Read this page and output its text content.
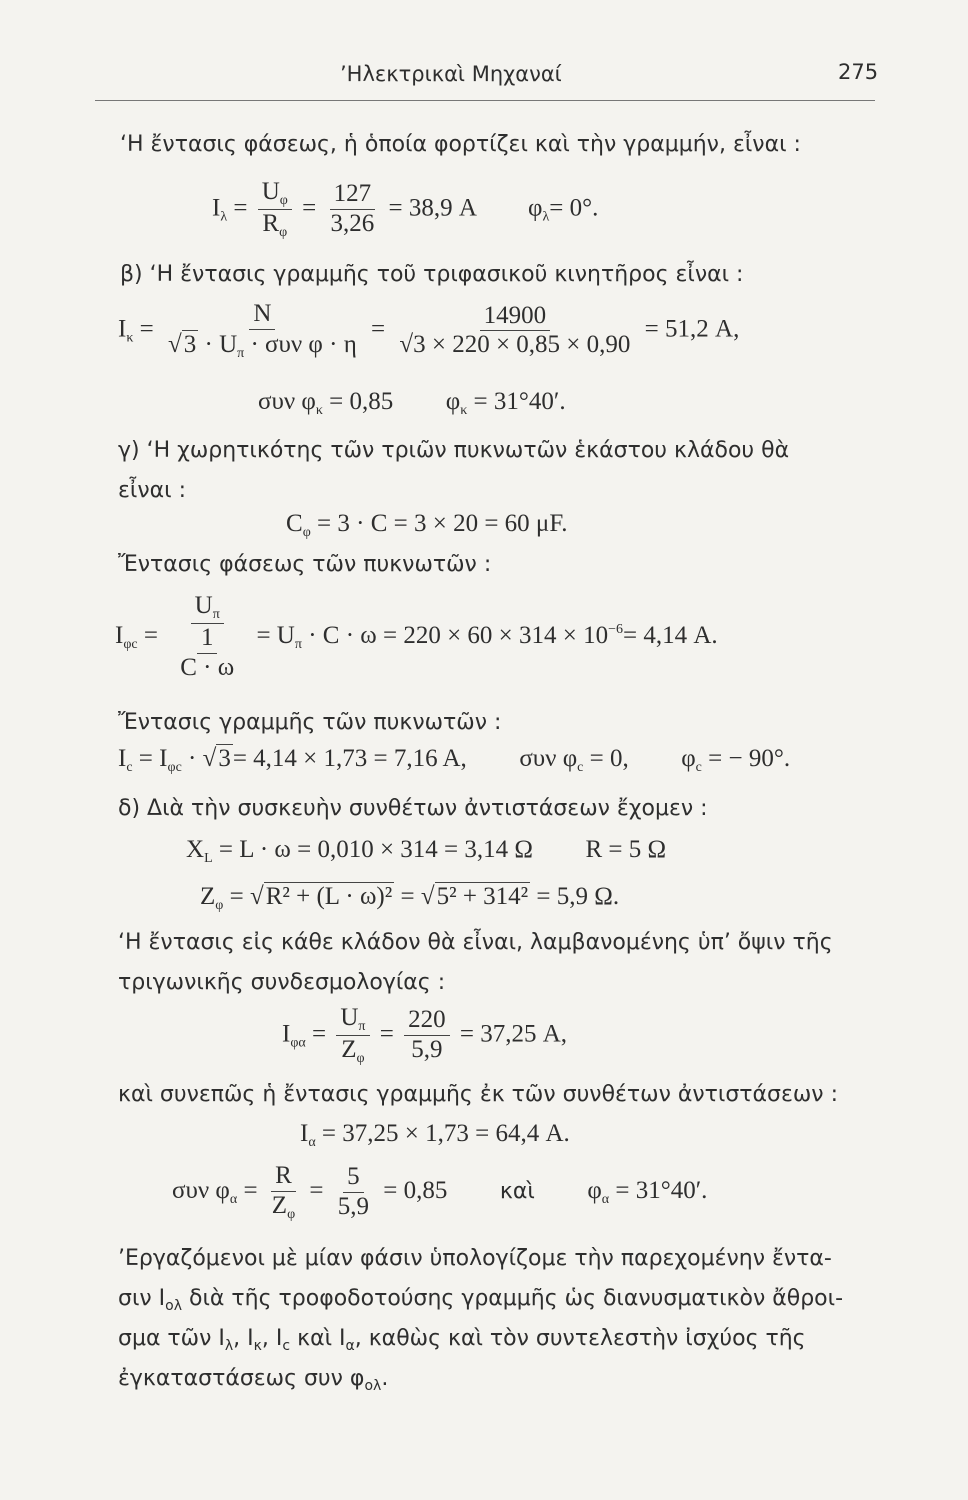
’Ηλεκτρικαὶ Μηχαναί	275
‘Η ἔντασις φάσεως, ἡ ὁποία φορτίζει καὶ τὴν γραμμήν, εἶναι :
$I_\lambda = \frac{U_\varphi}{R_\varphi} = \frac{127}{3,26} = 38,9$ A $\varphi_\lambda= 0^\circ$.
β) ‘Η ἔντασις γραμμῆς τοῦ τριφασικοῦ κινητῆρος εἶναι :
$I_\kappa = \frac{N}{√ 3 \cdot U_\pi \cdot \sigma\upsilon\nu \varphi \cdot \eta} = \frac{14900}{√3 \times 220 \times 0,85 \times 0,90} = 51,2$ A,
συν $\varphi_\kappa = 0,85$ $\varphi_\kappa = 31^\circ 40'$.
γ) ‘Η χωρητικότης τῶν τριῶν πυκνωτῶν ἑκάστου κλάδου θὰ
εἶναι :
$C_\varphi = 3 \cdot C = 3 \times 20 = 60$ μF.
Ἔντασις φάσεως τῶν πυκνωτῶν :
$I_{\varphi c} = \frac{U_\pi}{\frac{1}{C \cdot \omega}} = U_\pi \cdot C \cdot \omega = 220 \times 60 \times 314 \times 10^{-6}= 4,14$ A.
Ἔντασις γραμμῆς τῶν πυκνωτῶν :
$I_c = I_{\varphi c}$ · √ 3 = 4,14 × 1,73 = 7,16 A, συν $\varphi_c = 0$, $\varphi_c$ = − 90°.
δ) Διὰ τὴν συσκευὴν συνθέτων ἀντιστάσεων ἔχομεν :
$X_L = L \cdot \omega = 0,010 \times 314 = 3,14$ Ω R = 5 Ω
$Z_\varphi$ = √ R² + (L · ω)² = √ 5² + 314² = 5,9 Ω.
‘Η ἔντασις εἰς κάθε κλάδον θὰ εἶναι, λαμβανομένης ὑπ’ ὄψιν τῆς
τριγωνικῆς συνδεσμολογίας :
$I_{\varphi\alpha} = \frac{U_\pi}{Z_\varphi} = \frac{220}{5,9} = 37,25$ A,
καὶ συνεπῶς ἡ ἔντασις γραμμῆς ἐκ τῶν συνθέτων ἀντιστάσεων :
$I_\alpha = 37,25 \times 1,73 = 64,4$ A.
συν $\varphi_\alpha = \frac{R}{Z_\varphi} = \frac{5}{5,9} = 0,85$ καὶ $\varphi_\alpha = 31^\circ 40'$.
’Εργαζόμενοι μὲ μίαν φάσιν ὑπολογίζομε τὴν παρεχομένην ἔντα-
σιν $I_{o\lambda}$ διὰ τῆς τροφοδοτούσης γραμμῆς ὡς διανυσματικὸν ἄθροι-
σμα τῶν $I_\lambda$, $I_\kappa$, $I_c$ καὶ $I_\alpha$, καθὼς καὶ τὸν συντελεστὴν ἰσχύος τῆς
ἐγκαταστάσεως συν $\varphi_{o\lambda}$.
